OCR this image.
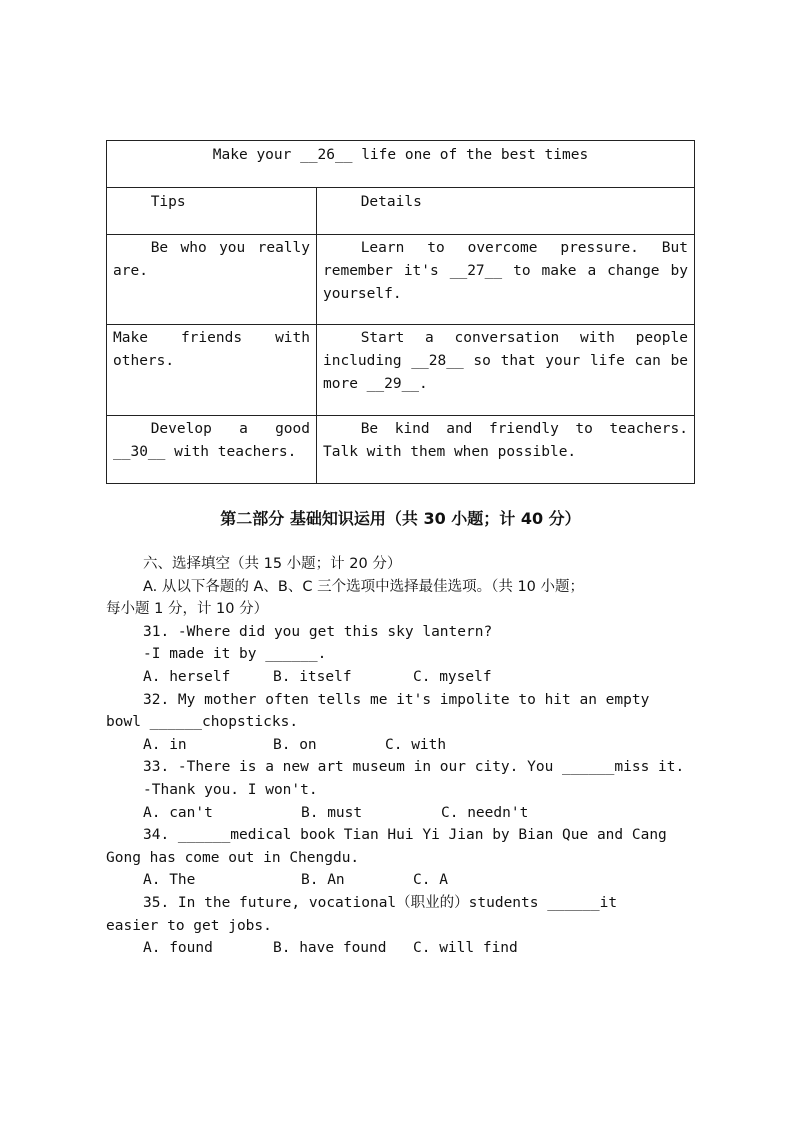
Make your __26__ life one of the best times	
Tips	Details
Be who you really are.	Learn to overcome pressure. But remember it's __27__ to make a change by yourself.
Make friends with others.	Start a conversation with people including __28__ so that your life can be more __29__.
Develop a good __30__ with teachers.	Be kind and friendly to teachers. Talk with them when possible.
第二部分 基础知识运用（共 30 小题；计 40 分）
六、选择填空（共 15 小题；计 20 分）
A. 从以下各题的 A、B、C 三个选项中选择最佳选项。（共 10 小题；
每小题 1 分，计 10 分）
31. -Where did you get this sky lantern?
-I made it by ______.
A. herself	B. itself	C. myself
32. My mother often tells me it's impolite to hit an empty
bowl ______chopsticks.
A. in	B. on	C. with
33. -There is a new art museum in our city. You ______miss it.
-Thank you. I won't.
A. can't	B. must	C. needn't
34. ______medical book Tian Hui Yi Jian by Bian Que and Cang
Gong has come out in Chengdu.
A. The	B. An	C. A
35. In the future, vocational（职业的）students ______it
easier to get jobs.
A. found	B. have found	C. will find
